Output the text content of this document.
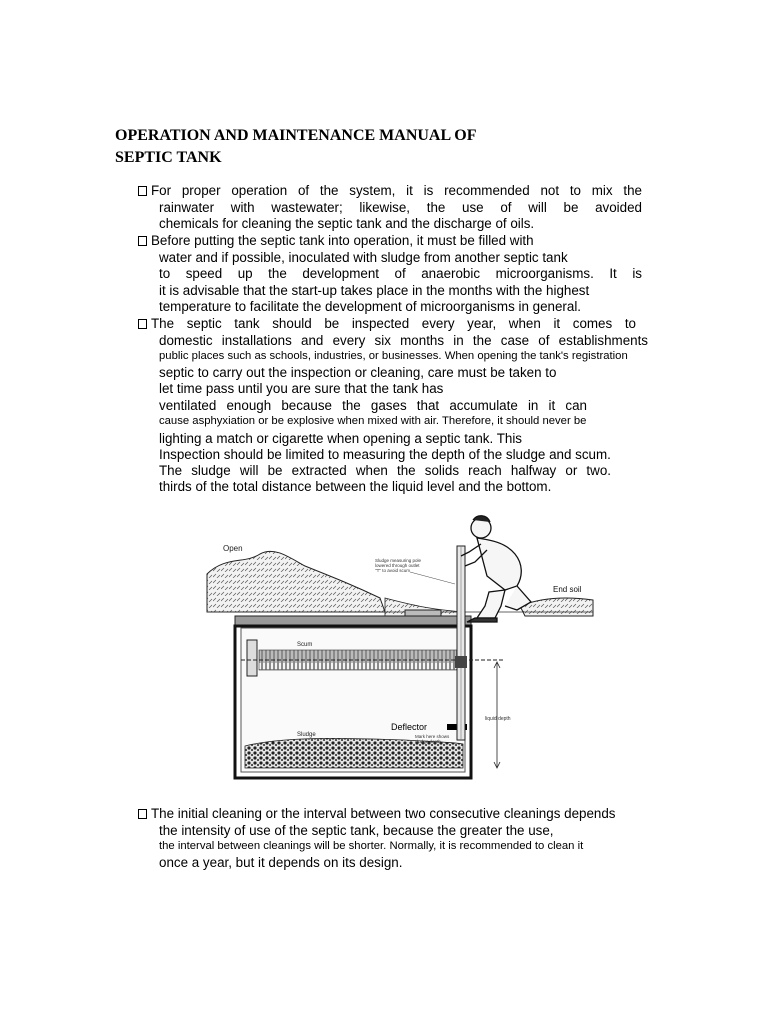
OPERATION AND MAINTENANCE MANUAL OF
SEPTIC TANK
For proper operation of the system, it is recommended not to mix the
rainwater with wastewater; likewise, the use of will be avoided
chemicals for cleaning the septic tank and the discharge of oils.
Before putting the septic tank into operation, it must be filled with
water and if possible, inoculated with sludge from another septic tank
to speed up the development of anaerobic microorganisms. It is
it is advisable that the start-up takes place in the months with the highest
temperature to facilitate the development of microorganisms in general.
The septic tank should be inspected every year, when it comes to
domestic installations and every six months in the case of establishments
public places such as schools, industries, or businesses. When opening the tank's registration
septic to carry out the inspection or cleaning, care must be taken to
let time pass until you are sure that the tank has
ventilated enough because the gases that accumulate in it can
cause asphyxiation or be explosive when mixed with air. Therefore, it should never be
lighting a match or cigarette when opening a septic tank. This
Inspection should be limited to measuring the depth of the sludge and scum.
The sludge will be extracted when the solids reach halfway or two.
thirds of the total distance between the liquid level and the bottom.
The initial cleaning or the interval between two consecutive cleanings depends
the intensity of use of the septic tank, because the greater the use,
the interval between cleanings will be shorter. Normally, it is recommended to clean it
once a year, but it depends on its design.
Open
Scum
Sludge
Deflector
Mark here shows
sludge depth
liquid depth
Sludge measuring pole
lowered through outlet
"T" to avoid scum
End soil
